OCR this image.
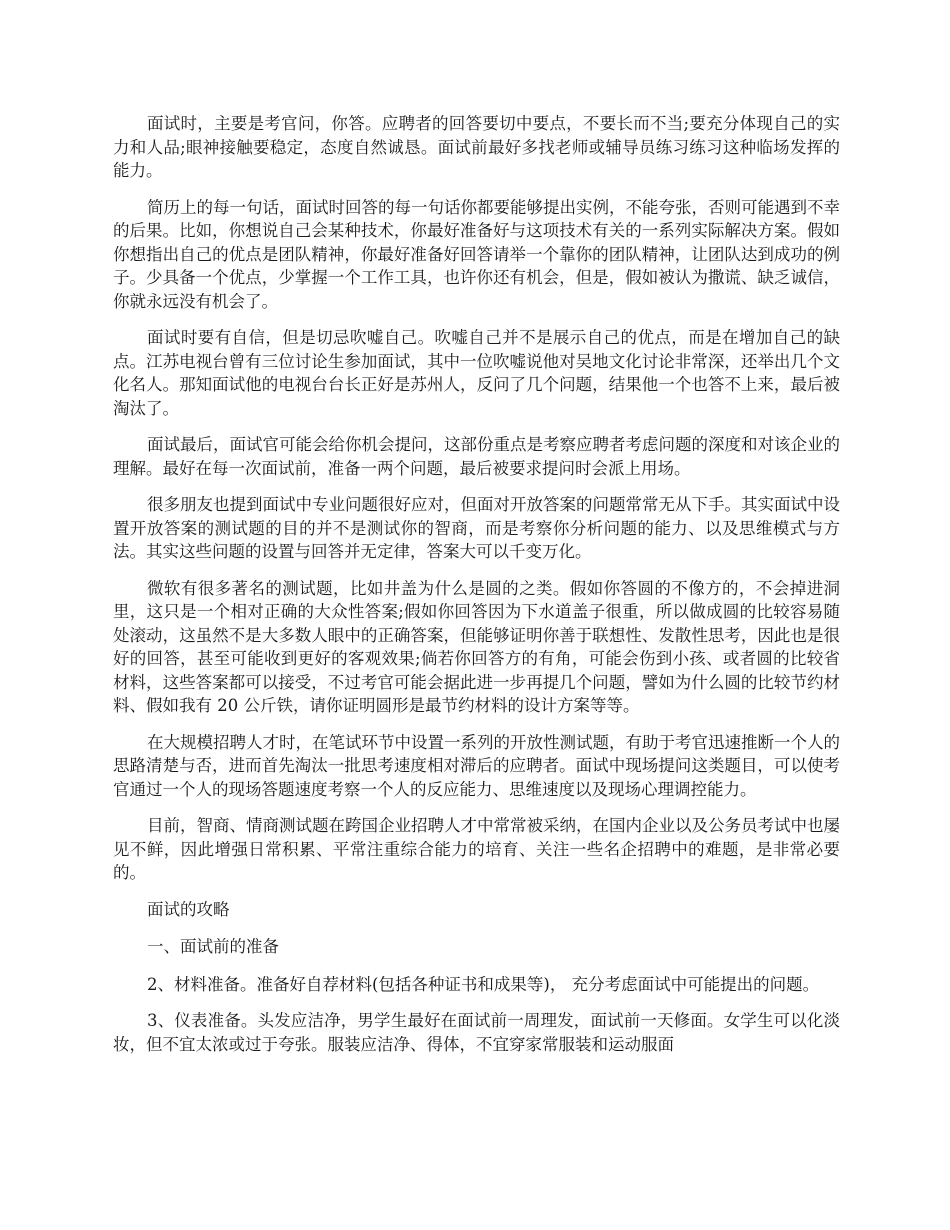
面试时，主要是考官问，你答。应聘者的回答要切中要点，不要长而不当;要充分体现自己的实力和人品;眼神接触要稳定，态度自然诚恳。面试前最好多找老师或辅导员练习练习这种临场发挥的能力。

简历上的每一句话，面试时回答的每一句话你都要能够提出实例，不能夸张，否则可能遇到不幸的后果。比如，你想说自己会某种技术，你最好准备好与这项技术有关的一系列实际解决方案。假如你想指出自己的优点是团队精神，你最好准备好回答请举一个靠你的团队精神，让团队达到成功的例子。少具备一个优点，少掌握一个工作工具，也许你还有机会，但是，假如被认为撒谎、缺乏诚信，你就永远没有机会了。

面试时要有自信，但是切忌吹嘘自己。吹嘘自己并不是展示自己的优点，而是在增加自己的缺点。江苏电视台曾有三位讨论生参加面试，其中一位吹嘘说他对吴地文化讨论非常深，还举出几个文化名人。那知面试他的电视台台长正好是苏州人，反问了几个问题，结果他一个也答不上来，最后被淘汰了。

面试最后，面试官可能会给你机会提问，这部份重点是考察应聘者考虑问题的深度和对该企业的理解。最好在每一次面试前，准备一两个问题，最后被要求提问时会派上用场。

很多朋友也提到面试中专业问题很好应对，但面对开放答案的问题常常无从下手。其实面试中设置开放答案的测试题的目的并不是测试你的智商，而是考察你分析问题的能力、以及思维模式与方法。其实这些问题的设置与回答并无定律，答案大可以千变万化。

微软有很多著名的测试题，比如井盖为什么是圆的之类。假如你答圆的不像方的，不会掉进洞里，这只是一个相对正确的大众性答案;假如你回答因为下水道盖子很重，所以做成圆的比较容易随处滚动，这虽然不是大多数人眼中的正确答案，但能够证明你善于联想性、发散性思考，因此也是很好的回答，甚至可能收到更好的客观效果;倘若你回答方的有角，可能会伤到小孩、或者圆的比较省材料，这些答案都可以接受，不过考官可能会据此进一步再提几个问题，譬如为什么圆的比较节约材料、假如我有 20 公斤铁，请你证明圆形是最节约材料的设计方案等等。

在大规模招聘人才时，在笔试环节中设置一系列的开放性测试题，有助于考官迅速推断一个人的思路清楚与否，进而首先淘汰一批思考速度相对滞后的应聘者。面试中现场提问这类题目，可以使考官通过一个人的现场答题速度考察一个人的反应能力、思维速度以及现场心理调控能力。

目前，智商、情商测试题在跨国企业招聘人才中常常被采纳，在国内企业以及公务员考试中也屡见不鲜，因此增强日常积累、平常注重综合能力的培育、关注一些名企招聘中的难题，是非常必要的。

面试的攻略

一、面试前的准备

2、材料准备。准备好自荐材料(包括各种证书和成果等)， 充分考虑面试中可能提出的问题。

3、仪表准备。头发应洁净，男学生最好在面试前一周理发，面试前一天修面。女学生可以化淡妆，但不宜太浓或过于夸张。服装应洁净、得体，不宜穿家常服装和运动服面
